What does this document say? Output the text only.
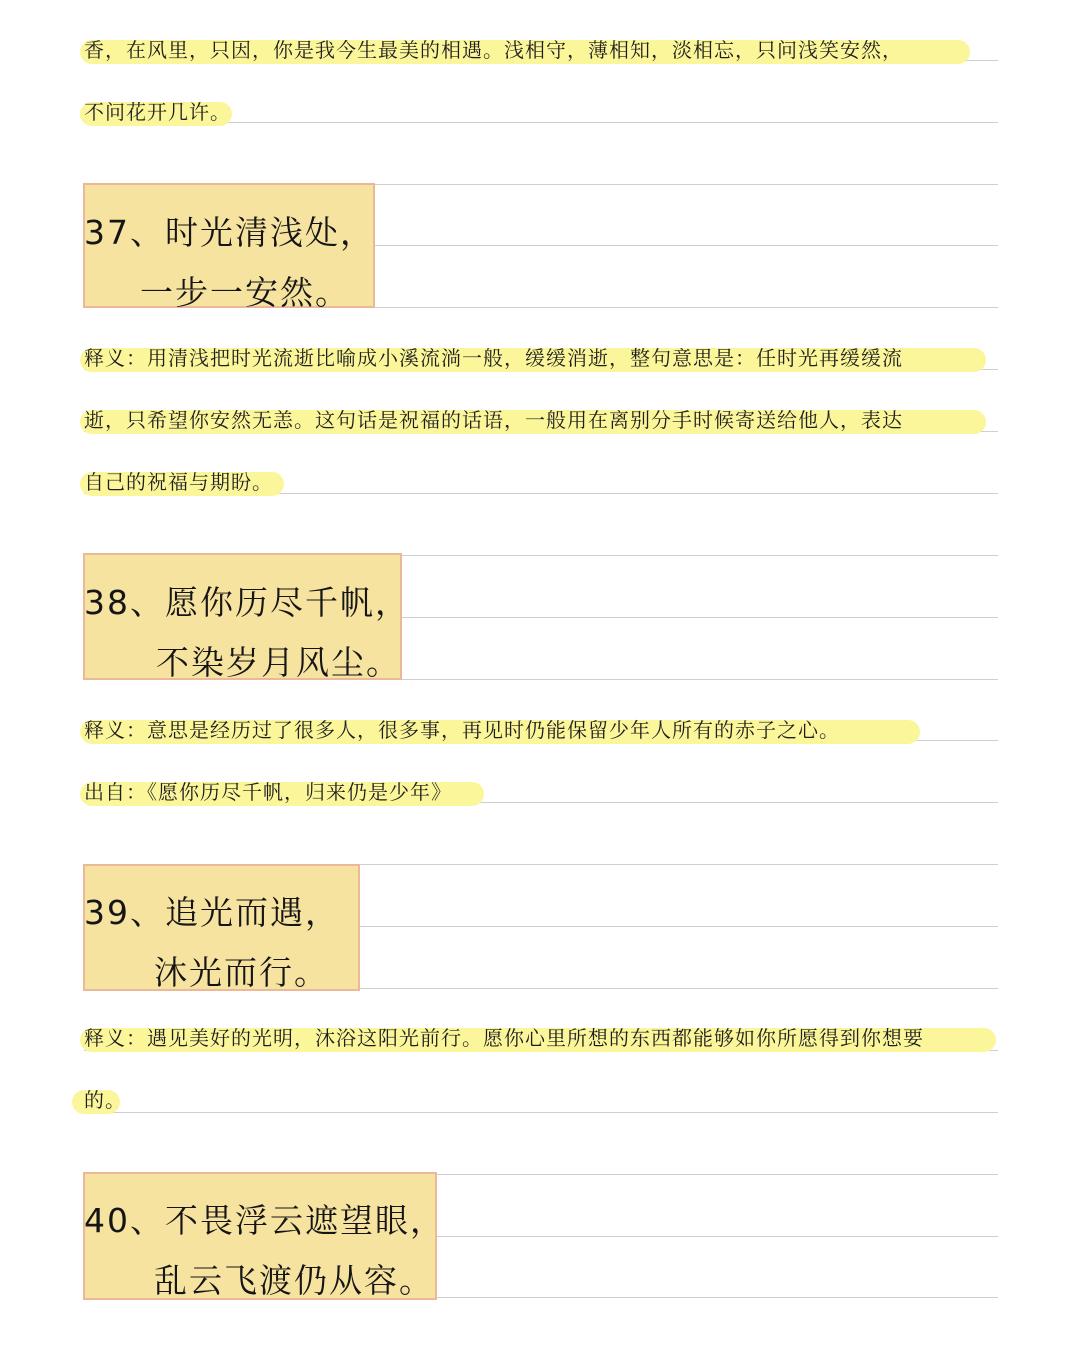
香，在风里，只因，你是我今生最美的相遇。浅相守，薄相知，淡相忘，只问浅笑安然，
不问花开几许。
37、时光清浅处，
一步一安然。
释义：用清浅把时光流逝比喻成小溪流淌一般，缓缓消逝，整句意思是：任时光再缓缓流
逝，只希望你安然无恙。这句话是祝福的话语，一般用在离别分手时候寄送给他人，表达
自己的祝福与期盼。
38、愿你历尽千帆，
不染岁月风尘。
释义：意思是经历过了很多人，很多事，再见时仍能保留少年人所有的赤子之心。
出自：《愿你历尽千帆，归来仍是少年》
39、追光而遇，
沐光而行。
释义：遇见美好的光明，沐浴这阳光前行。愿你心里所想的东西都能够如你所愿得到你想要
的。
40、不畏浮云遮望眼，
乱云飞渡仍从容。
